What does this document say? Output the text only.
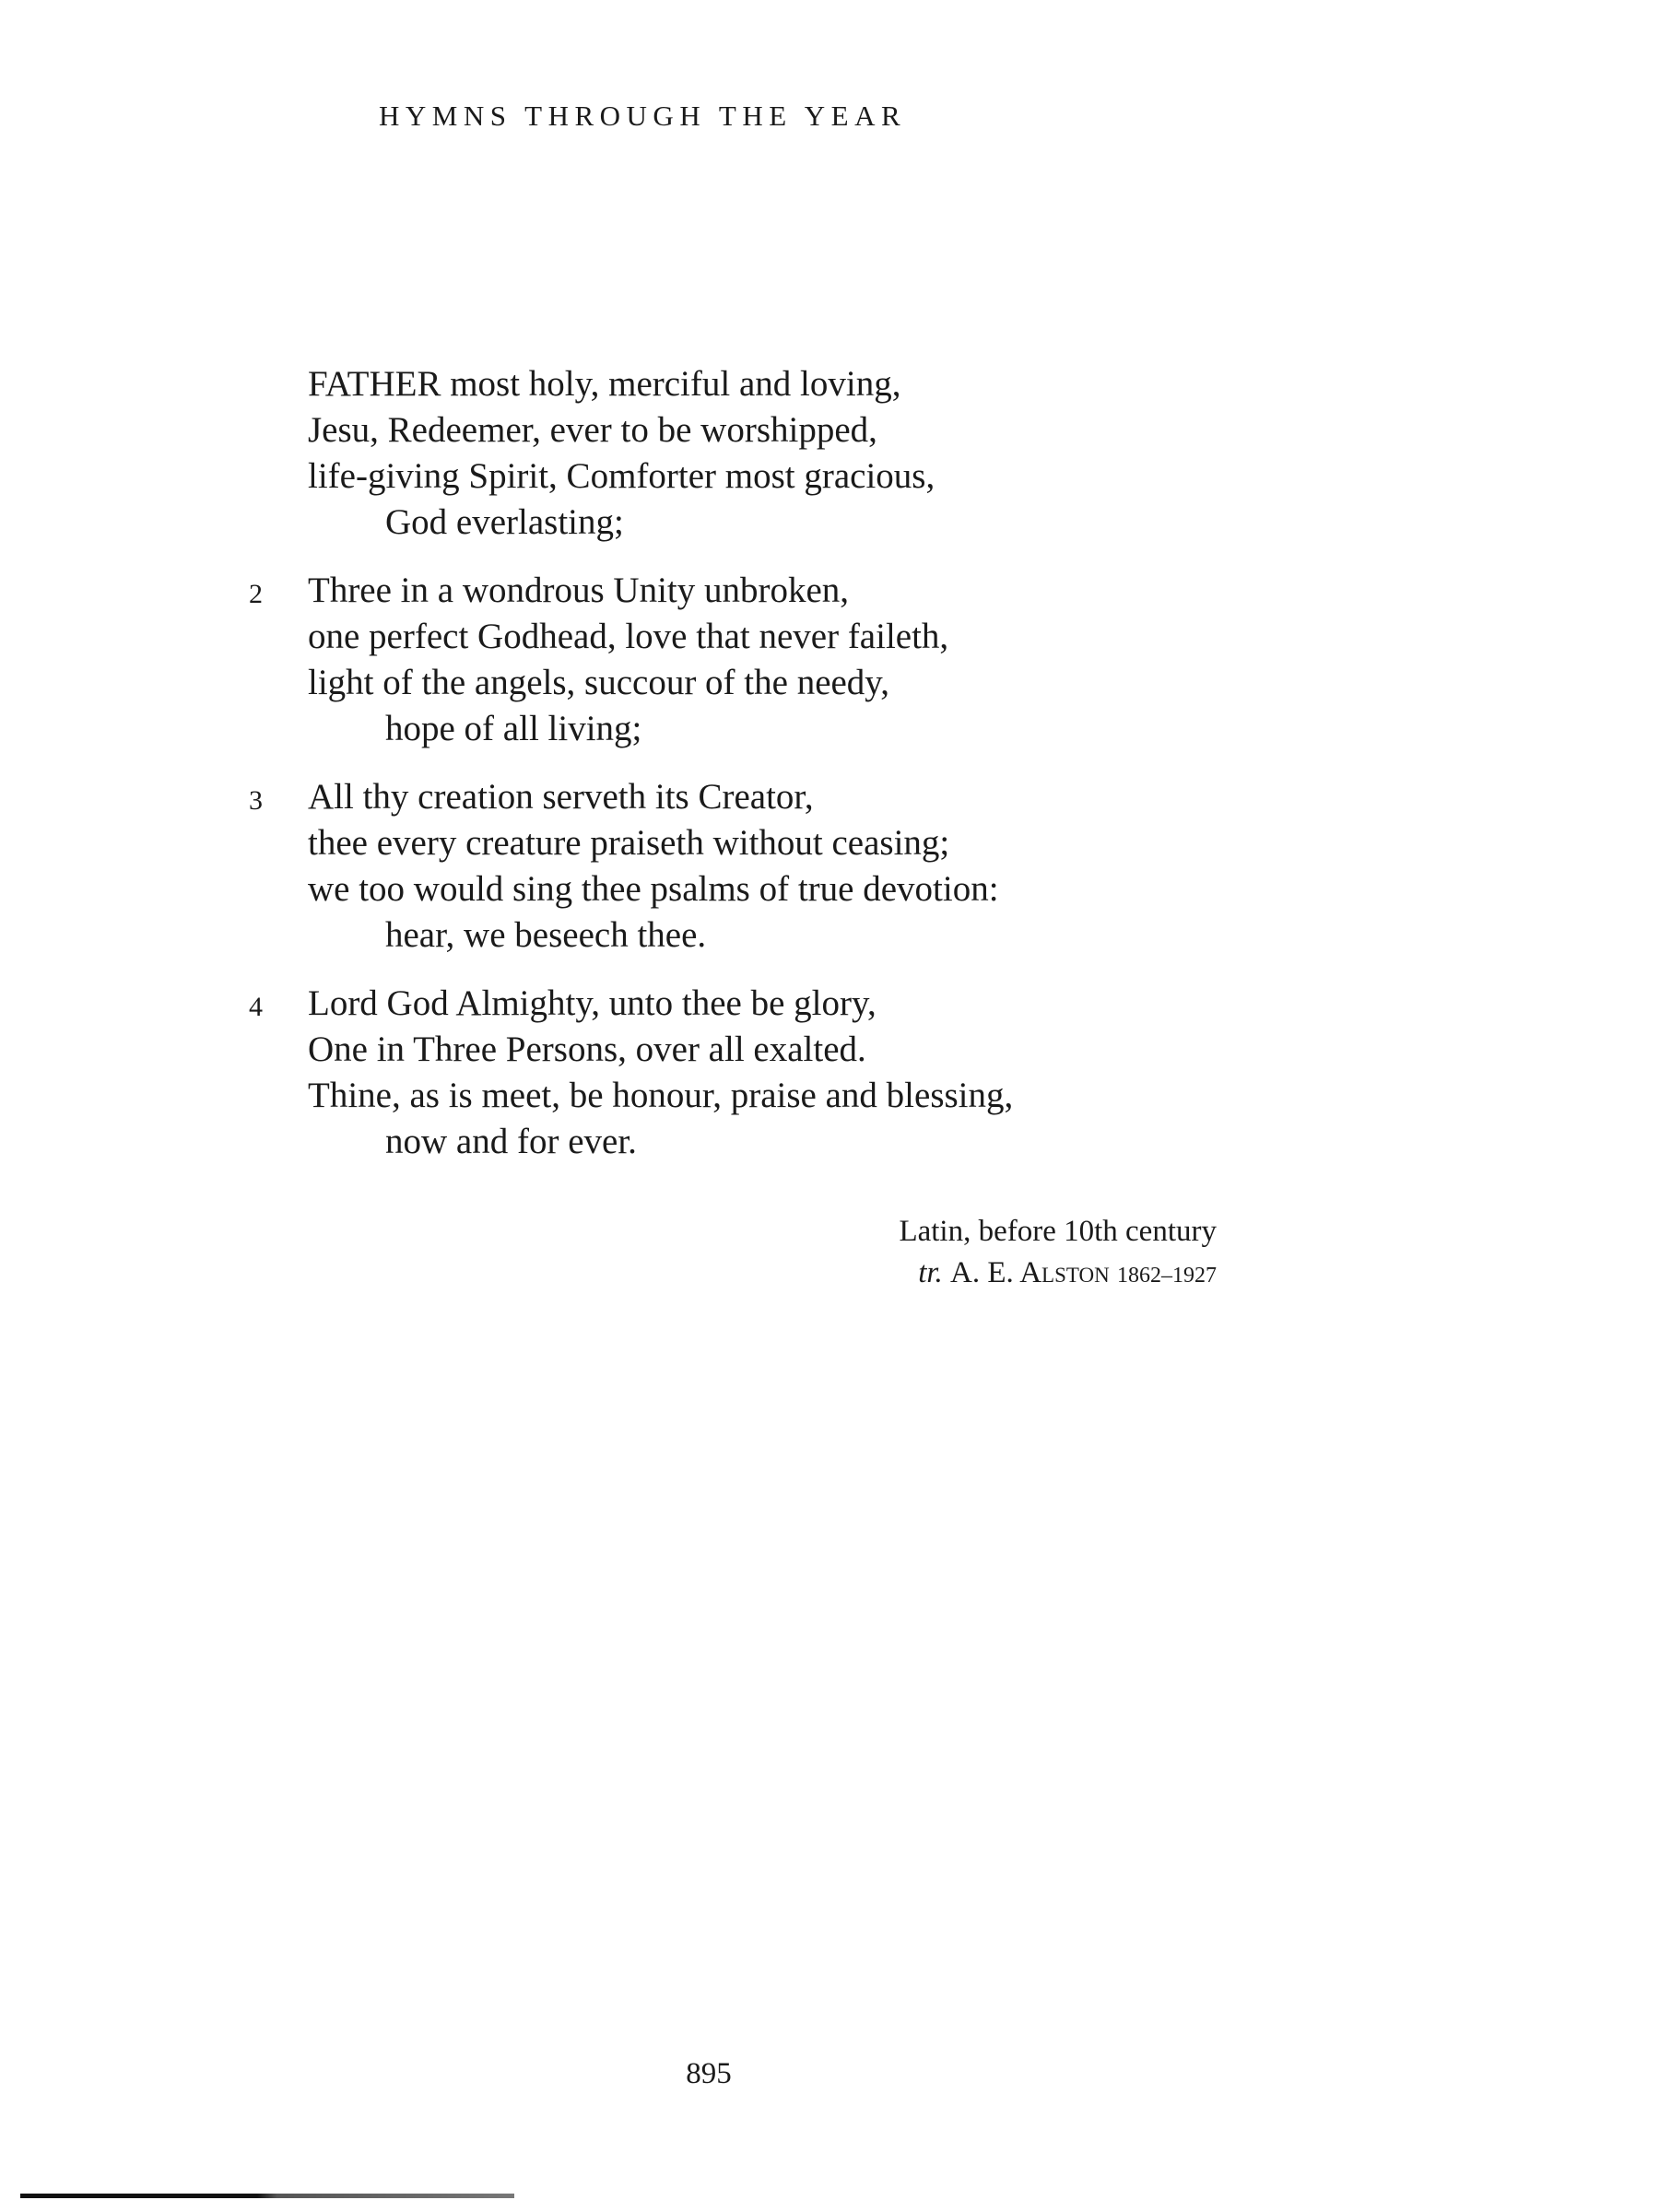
HYMNS THROUGH THE YEAR
FATHER most holy, merciful and loving,
Jesu, Redeemer, ever to be worshipped,
life-giving Spirit, Comforter most gracious,
God everlasting;
2 Three in a wondrous Unity unbroken,
one perfect Godhead, love that never faileth,
light of the angels, succour of the needy,
hope of all living;
3 All thy creation serveth its Creator,
thee every creature praiseth without ceasing;
we too would sing thee psalms of true devotion:
hear, we beseech thee.
4 Lord God Almighty, unto thee be glory,
One in Three Persons, over all exalted.
Thine, as is meet, be honour, praise and blessing,
now and for ever.
Latin, before 10th century
tr. A. E. Alston 1862–1927
895
